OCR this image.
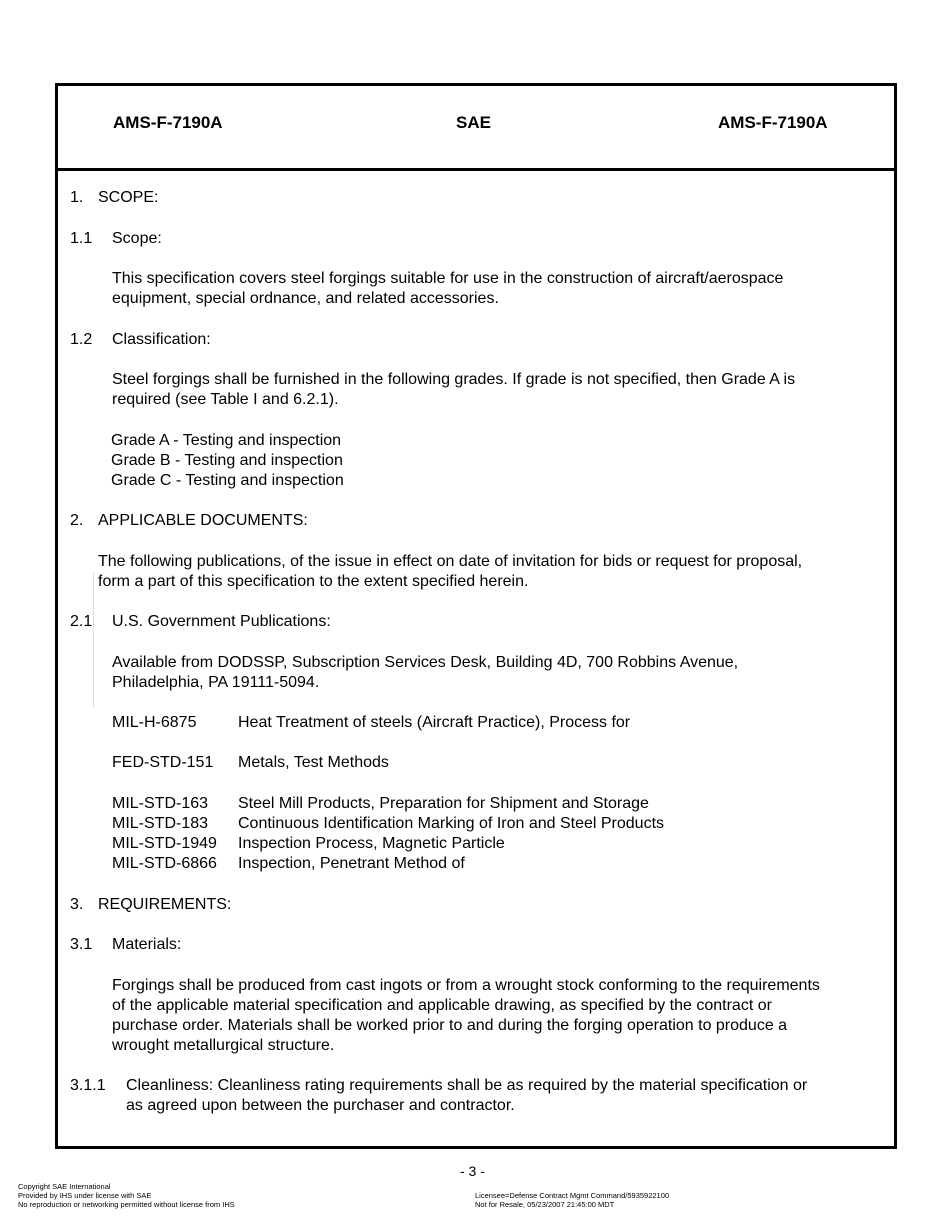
AMS-F-7190A	SAE	AMS-F-7190A
1. SCOPE:
1.1 Scope:
This specification covers steel forgings suitable for use in the construction of aircraft/aerospace
equipment, special ordnance, and related accessories.
1.2 Classification:
Steel forgings shall be furnished in the following grades. If grade is not specified, then Grade A is
required (see Table I and 6.2.1).
Grade A - Testing and inspection
Grade B - Testing and inspection
Grade C - Testing and inspection
2. APPLICABLE DOCUMENTS:
The following publications, of the issue in effect on date of invitation for bids or request for proposal,
form a part of this specification to the extent specified herein.
2.1 U.S. Government Publications:
Available from DODSSP, Subscription Services Desk, Building 4D, 700 Robbins Avenue,
Philadelphia, PA 19111-5094.
MIL-H-6875	Heat Treatment of steels (Aircraft Practice), Process for
FED-STD-151 Metals, Test Methods
MIL-STD-163 Steel Mill Products, Preparation for Shipment and Storage
MIL-STD-183 Continuous Identification Marking of Iron and Steel Products
MIL-STD-1949 Inspection Process, Magnetic Particle
MIL-STD-6866 Inspection, Penetrant Method of
3. REQUIREMENTS:
3.1 Materials:
Forgings shall be produced from cast ingots or from a wrought stock conforming to the requirements
of the applicable material specification and applicable drawing, as specified by the contract or
purchase order. Materials shall be worked prior to and during the forging operation to produce a
wrought metallurgical structure.
3.1.1 Cleanliness: Cleanliness rating requirements shall be as required by the material specification or
as agreed upon between the purchaser and contractor.
- 3 -
Copyright SAE International
Provided by IHS under license with SAE
No reproduction or networking permitted without license from IHS
Licensee=Defense Contract Mgmt Command/5935922100
Not for Resale, 05/23/2007 21:45:00 MDT
